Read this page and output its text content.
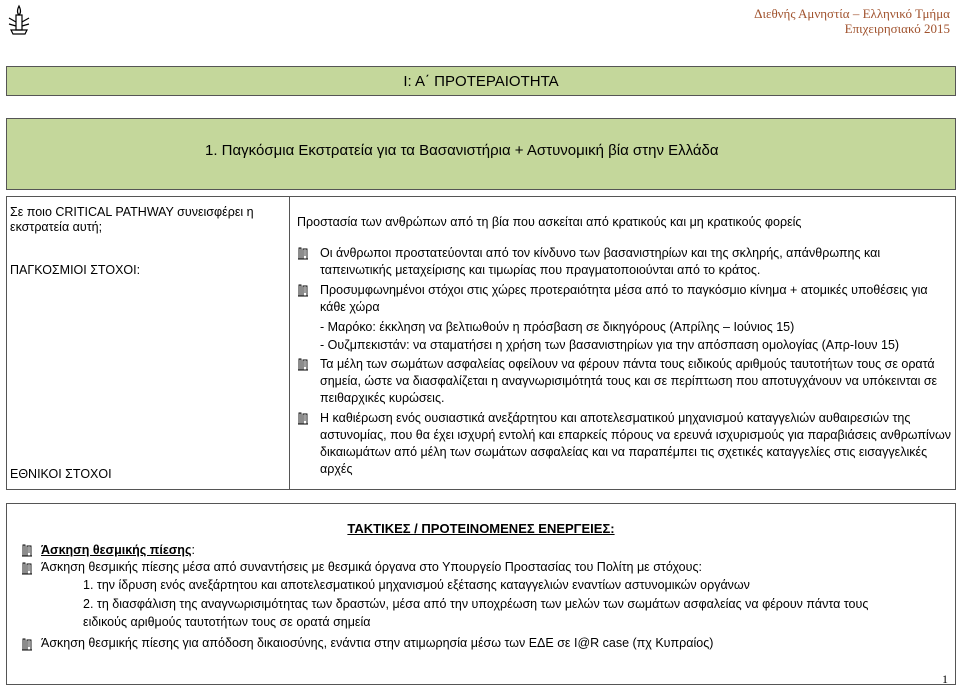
Διεθνής Αμνηστία – Ελληνικό Τμήμα
Επιχειρησιακό 2015
Ι: Α΄ ΠΡΟΤΕΡΑΙΟΤΗΤΑ
1. Παγκόσμια Εκστρατεία για τα Βασανιστήρια + Αστυνομική βία στην Ελλάδα
Σε ποιο CRITICAL PATHWAY συνεισφέρει η εκστρατεία αυτή;
ΠΑΓΚΟΣΜΙΟΙ ΣΤΟΧΟΙ:
ΕΘΝΙΚΟΙ ΣΤΟΧΟΙ
Προστασία των ανθρώπων από τη βία που ασκείται από κρατικούς και μη κρατικούς φορείς
Οι άνθρωποι προστατεύονται από τον κίνδυνο των βασανιστηρίων και της σκληρής, απάνθρωπης και ταπεινωτικής μεταχείρισης και τιμωρίας που πραγματοποιούνται από το κράτος.
Προσυμφωνημένοι στόχοι στις χώρες προτεραιότητα μέσα από το παγκόσμιο κίνημα + ατομικές υποθέσεις για κάθε χώρα
- Μαρόκο: έκκληση να βελτιωθούν η πρόσβαση σε δικηγόρους (Απρίλης – Ιούνιος 15)
- Ουζμπεκιστάν: να σταματήσει η χρήση των βασανιστηρίων για την απόσπαση ομολογίας (Απρ-Ιουν 15)
Τα μέλη των σωμάτων ασφαλείας οφείλουν να φέρουν πάντα τους ειδικούς αριθμούς ταυτοτήτων τους σε ορατά σημεία, ώστε να διασφαλίζεται η αναγνωρισιμότητά τους και σε περίπτωση που αποτυγχάνουν να υπόκεινται σε πειθαρχικές κυρώσεις.
Η καθιέρωση ενός ουσιαστικά ανεξάρτητου και αποτελεσματικού μηχανισμού καταγγελιών αυθαιρεσιών της αστυνομίας, που θα έχει ισχυρή εντολή και επαρκείς πόρους να ερευνά ισχυρισμούς για παραβιάσεις ανθρωπίνων δικαιωμάτων από μέλη των σωμάτων ασφαλείας και να παραπέμπει τις σχετικές καταγγελίες στις εισαγγελικές αρχές
ΤΑΚΤΙΚΕΣ / ΠΡΟΤΕΙΝΟΜΕΝΕΣ ΕΝΕΡΓΕΙΕΣ:
Άσκηση θεσμικής πίεσης:
Άσκηση θεσμικής πίεσης μέσα από συναντήσεις με θεσμικά όργανα στο Υπουργείο Προστασίας του Πολίτη με στόχους:
1. την ίδρυση ενός ανεξάρτητου και αποτελεσματικού μηχανισμού εξέτασης καταγγελιών εναντίων αστυνομικών οργάνων
2. τη διασφάλιση της αναγνωρισιμότητας των δραστών, μέσα από την υποχρέωση των μελών των σωμάτων ασφαλείας να φέρουν πάντα τους
ειδικούς αριθμούς ταυτοτήτων τους σε ορατά σημεία
Άσκηση θεσμικής πίεσης για απόδοση δικαιοσύνης, ενάντια στην ατιμωρησία μέσω των ΕΔΕ σε I@R case (πχ Κυπραίος)
1
